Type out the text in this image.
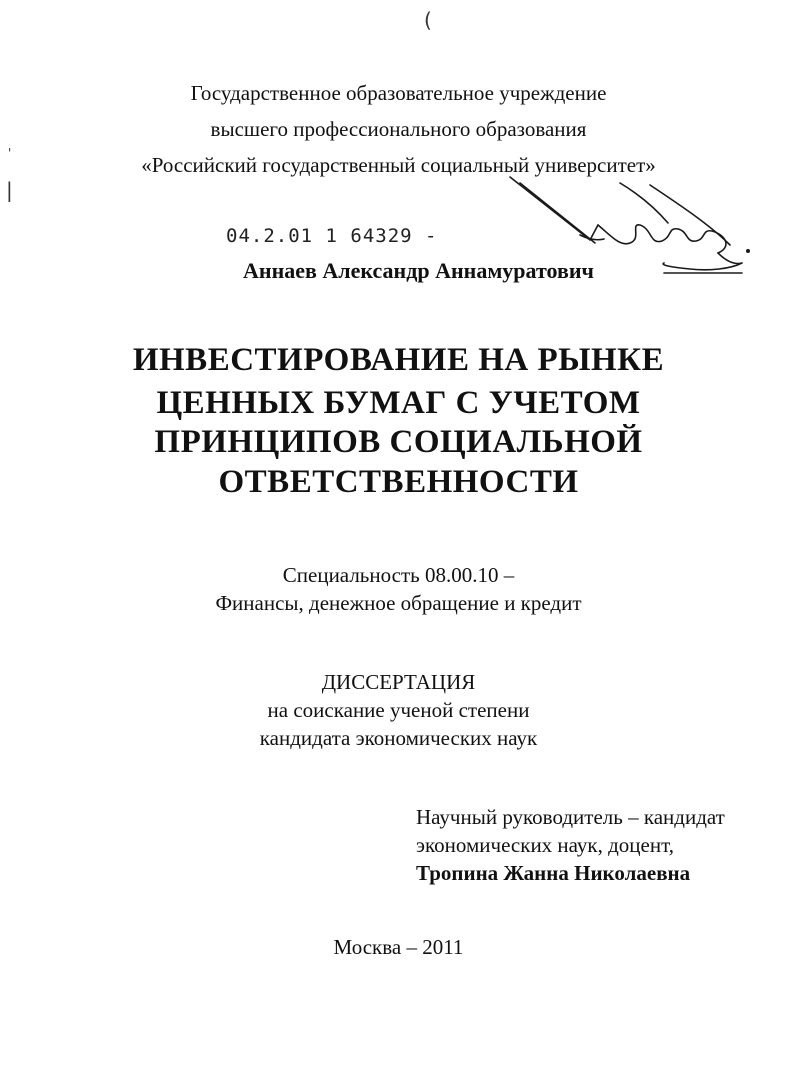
(
'
|
Государственное образовательное учреждение
высшего профессионального образования
«Российский государственный социальный университет»
04.2.01 1 64329 -
Аннаев Александр Аннамуратович
ИНВЕСТИРОВАНИЕ НА РЫНКЕ
ЦЕННЫХ БУМАГ С УЧЕТОМ
ПРИНЦИПОВ СОЦИАЛЬНОЙ
ОТВЕТСТВЕННОСТИ
Специальность 08.00.10 –
Финансы, денежное обращение и кредит
ДИССЕРТАЦИЯ
на соискание ученой степени
кандидата экономических наук
Научный руководитель – кандидат
экономических наук, доцент,
Тропина Жанна Николаевна
Москва – 2011
